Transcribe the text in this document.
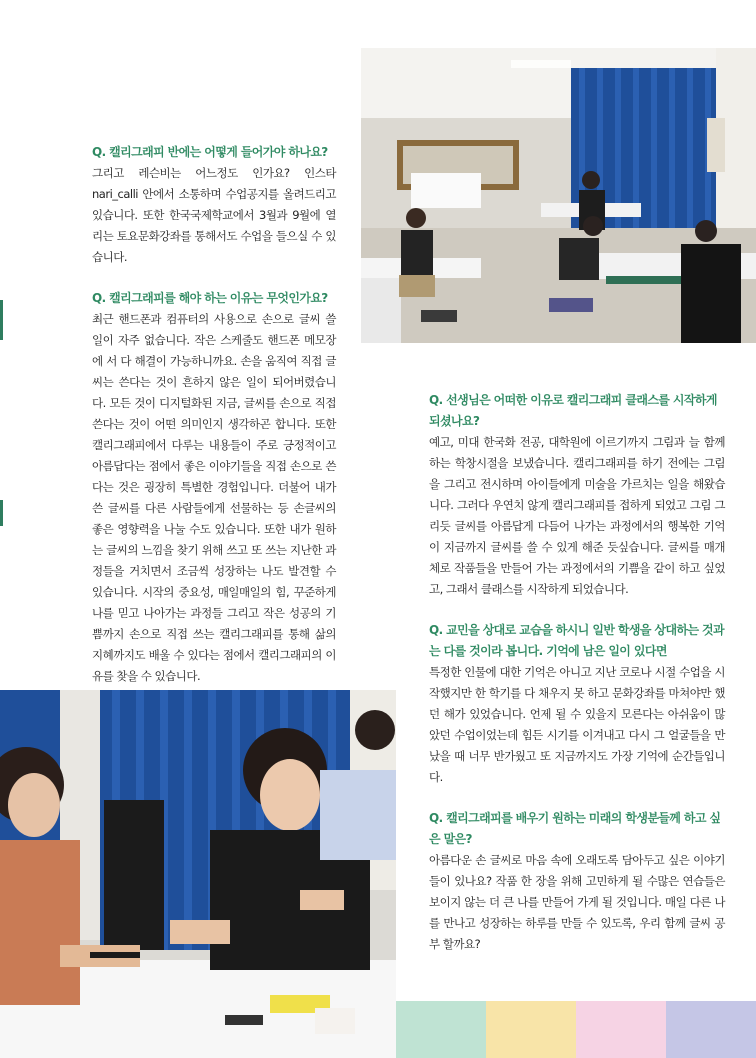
Q. 캘리그래피 반에는 어떻게 들어가야 하나요?

그리고 레슨비는 어느정도 인가요? 인스타 nari_calli 안에서 소통하며 수업공지를 올려드리고 있습니다. 또한 한국국제학교에서 3월과 9월에 열리는 토요문화강좌를 통해서도 수업을 들으실 수 있습니다.

Q. 캘리그래피를 해야 하는 이유는 무엇인가요?

최근 핸드폰과 컴퓨터의 사용으로 손으로 글씨 쓸 일이 자주 없습니다. 작은 스케줄도 핸드폰 메모장에 서 다 해결이 가능하니까요. 손을 움직여 직접 글씨는 쓴다는 것이 흔하지 않은 일이 되어버렸습니다. 모든 것이 디지털화된 지금, 글씨를 손으로 직접 쓴다는 것이 어떤 의미인지 생각하곤 합니다. 또한 캘리그래피에서 다루는 내용들이 주로 긍정적이고 아름답다는 점에서 좋은 이야기들을 직접 손으로 쓴다는 것은 굉장히 특별한 경험입니다. 더불어 내가 쓴 글씨를 다른 사람들에게 선물하는 등 손글씨의 좋은 영향력을 나눌 수도 있습니다. 또한 내가 원하는 글씨의 느낌을 찾기 위해 쓰고 또 쓰는 지난한 과정들을 거치면서 조금씩 성장하는 나도 발견할 수 있습니다. 시작의 중요성, 매일매일의 힘, 꾸준하게 나를 믿고 나아가는 과정들 그리고 작은 성공의 기쁨까지 손으로 직접 쓰는 캘리그래피를 통해 삶의 지혜까지도 배울 수 있다는 점에서 캘리그래피의 이유를 찾을 수 있습니다.

Q. 선생님은 어떠한 이유로 캘리그래피 클래스를 시작하게 되셨나요?

예고, 미대 한국화 전공, 대학원에 이르기까지 그림과 늘 함께하는 학창시절을 보냈습니다. 캘리그래피를 하기 전에는 그림을 그리고 전시하며 아이들에게 미술을 가르치는 일을 해왔습니다. 그러다 우연치 않게 캘리그래피를 접하게 되었고 그림 그리듯 글씨를 아름답게 다듬어 나가는 과정에서의 행복한 기억이 지금까지 글씨를 쓸 수 있게 해준 듯싶습니다. 글씨를 매개체로 작품들을 만들어 가는 과정에서의 기쁨을 같이 하고 싶었고, 그래서 클래스를 시작하게 되었습니다.

Q. 교민을 상대로 교습을 하시니 일반 학생을 상대하는 것과는 다를 것이라 봅니다. 기억에 남은 일이 있다면

특정한 인물에 대한 기억은 아니고 지난 코로나 시절 수업을 시작했지만 한 학기를 다 채우지 못 하고 문화강좌를 마쳐야만 했던 해가 있었습니다. 언제 될 수 있을지 모른다는 아쉬움이 많았던 수업이었는데 힘든 시기를 이겨내고 다시 그 얼굴들을 만났을 때 너무 반가웠고 또 지금까지도 가장 기억에 순간들입니다.

Q. 캘리그래피를 배우기 원하는 미래의 학생분들께 하고 싶은 말은?

아름다운 손 글씨로 마음 속에 오래도록 담아두고 싶은 이야기들이 있나요? 작품 한 장을 위해 고민하게 될 수많은 연습들은 보이지 않는 더 큰 나를 만들어 가게 될 것입니다. 매일 다른 나를 만나고 성장하는 하루를 만들 수 있도록, 우리 함께 글씨 공부 할까요?
